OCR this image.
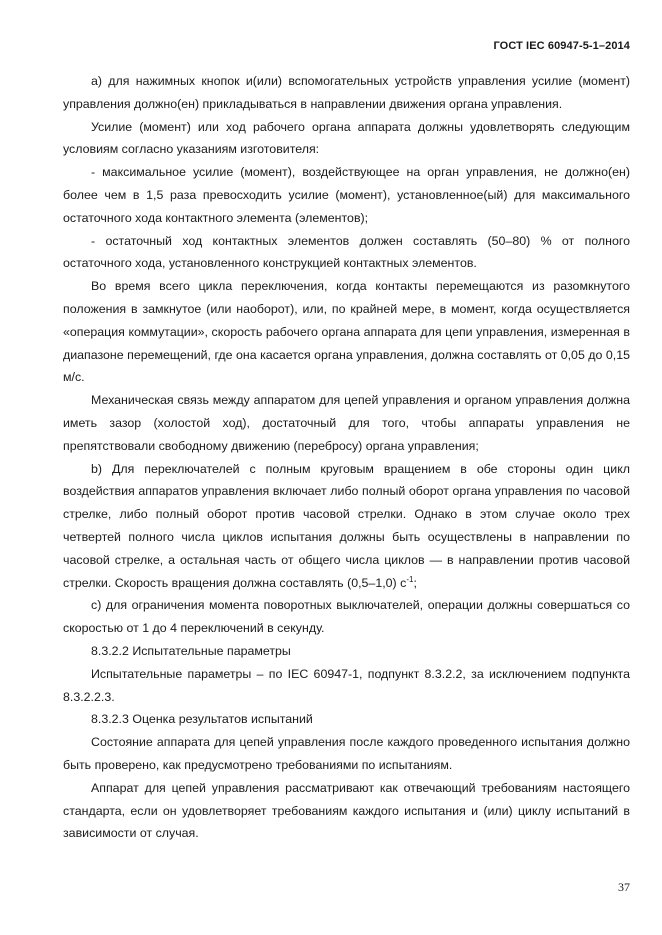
ГОСТ IEC 60947-5-1–2014

а) для нажимных кнопок и(или) вспомогательных устройств управления усилие (момент) управления должно(ен) прикладываться в направлении движения органа управления.

Усилие (момент) или ход рабочего органа аппарата должны удовлетворять следующим условиям согласно указаниям изготовителя:

- максимальное усилие (момент), воздействующее на орган управления, не должно(ен) более чем в 1,5 раза превосходить усилие (момент), установленное(ый) для максимального остаточного хода контактного элемента (элементов);

- остаточный ход контактных элементов должен составлять (50–80) % от полного остаточного хода, установленного конструкцией контактных элементов.

Во время всего цикла переключения, когда контакты перемещаются из разомкнутого положения в замкнутое (или наоборот), или, по крайней мере, в момент, когда осуществляется «операция коммутации», скорость рабочего органа аппарата для цепи управления, измеренная в диапазоне перемещений, где она касается органа управления, должна составлять от 0,05 до 0,15 м/с.

Механическая связь между аппаратом для цепей управления и органом управления должна иметь зазор (холостой ход), достаточный для того, чтобы аппараты управления не препятствовали свободному движению (перебросу) органа управления;

b) Для переключателей с полным круговым вращением в обе стороны один цикл воздействия аппаратов управления включает либо полный оборот органа управления по часовой стрелке, либо полный оборот против часовой стрелки. Однако в этом случае около трех четвертей полного числа циклов испытания должны быть осуществлены в направлении по часовой стрелке, а остальная часть от общего числа циклов — в направлении против часовой стрелки. Скорость вращения должна составлять (0,5–1,0) $с^{-1}$;

с) для ограничения момента поворотных выключателей, операции должны совершаться со скоростью от 1 до 4 переключений в секунду.

8.3.2.2 Испытательные параметры

Испытательные параметры – по IEC 60947-1, подпункт 8.3.2.2, за исключением подпункта 8.3.2.2.3.

8.3.2.3 Оценка результатов испытаний

Состояние аппарата для цепей управления после каждого проведенного испытания должно быть проверено, как предусмотрено требованиями по испытаниям.

Аппарат для цепей управления рассматривают как отвечающий требованиям настоящего стандарта, если он удовлетворяет требованиям каждого испытания и (или) циклу испытаний в зависимости от случая.

37
